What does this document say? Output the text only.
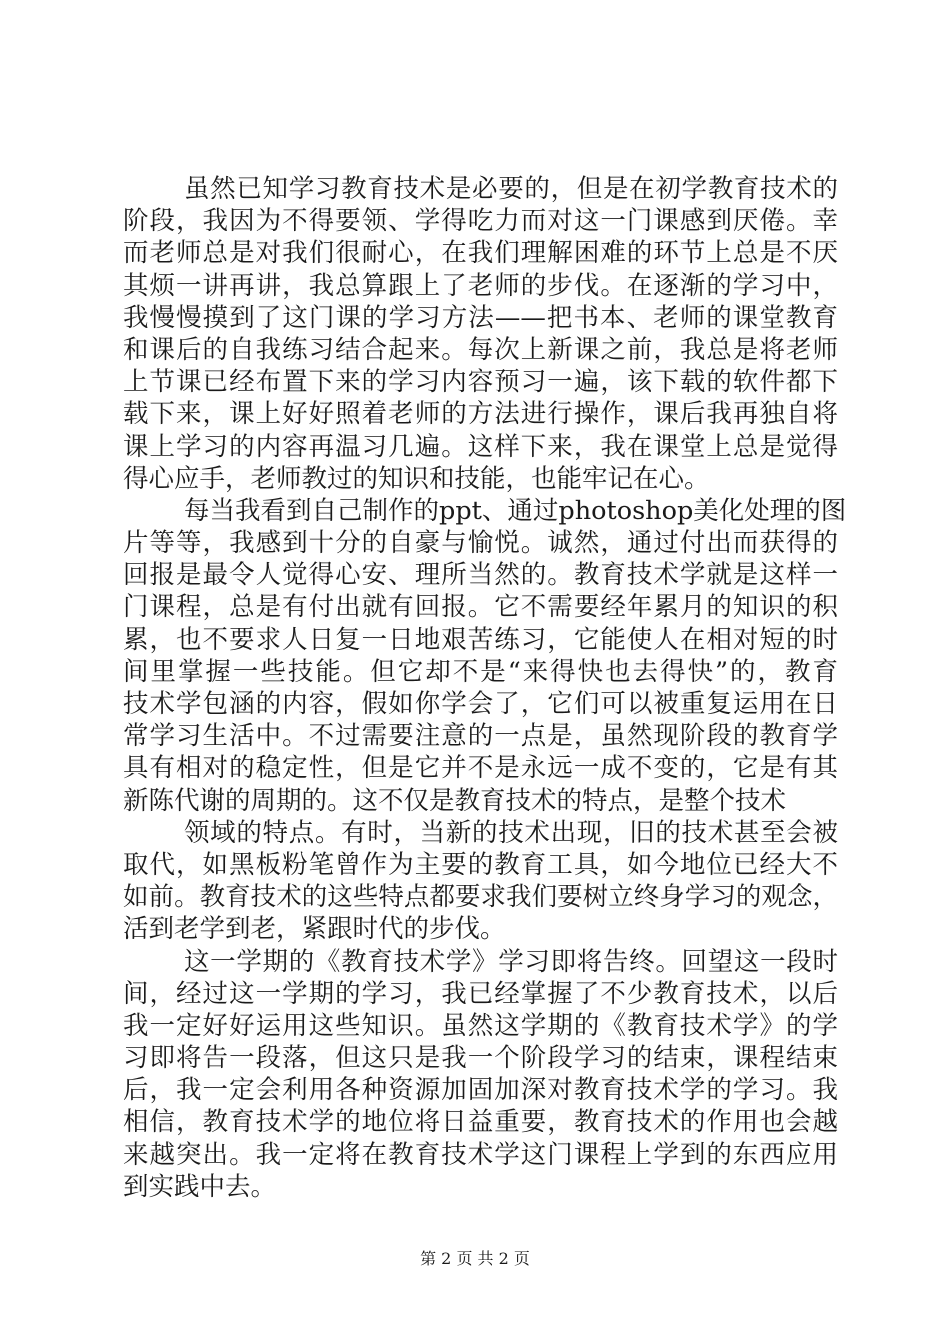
虽然已知学习教育技术是必要的，但是在初学教育技术的
阶段，我因为不得要领、学得吃力而对这一门课感到厌倦。幸
而老师总是对我们很耐心，在我们理解困难的环节上总是不厌
其烦一讲再讲，我总算跟上了老师的步伐。在逐渐的学习中，
我慢慢摸到了这门课的学习方法——把书本、老师的课堂教育
和课后的自我练习结合起来。每次上新课之前，我总是将老师
上节课已经布置下来的学习内容预习一遍，该下载的软件都下
载下来，课上好好照着老师的方法进行操作，课后我再独自将
课上学习的内容再温习几遍。这样下来，我在课堂上总是觉得
得心应手，老师教过的知识和技能，也能牢记在心。
每当我看到自己制作的ppt、通过photoshop美化处理的图
片等等，我感到十分的自豪与愉悦。诚然，通过付出而获得的
回报是最令人觉得心安、理所当然的。教育技术学就是这样一
门课程，总是有付出就有回报。它不需要经年累月的知识的积
累，也不要求人日复一日地艰苦练习，它能使人在相对短的时
间里掌握一些技能。但它却不是“来得快也去得快”的，教育
技术学包涵的内容，假如你学会了，它们可以被重复运用在日
常学习生活中。不过需要注意的一点是，虽然现阶段的教育学
具有相对的稳定性，但是它并不是永远一成不变的，它是有其
新陈代谢的周期的。这不仅是教育技术的特点，是整个技术
领域的特点。有时，当新的技术出现，旧的技术甚至会被
取代，如黑板粉笔曾作为主要的教育工具，如今地位已经大不
如前。教育技术的这些特点都要求我们要树立终身学习的观念，
活到老学到老，紧跟时代的步伐。
这一学期的《教育技术学》学习即将告终。回望这一段时
间，经过这一学期的学习，我已经掌握了不少教育技术，以后
我一定好好运用这些知识。虽然这学期的《教育技术学》的学
习即将告一段落，但这只是我一个阶段学习的结束，课程结束
后，我一定会利用各种资源加固加深对教育技术学的学习。我
相信，教育技术学的地位将日益重要，教育技术的作用也会越
来越突出。我一定将在教育技术学这门课程上学到的东西应用
到实践中去。
第 2 页 共 2 页
